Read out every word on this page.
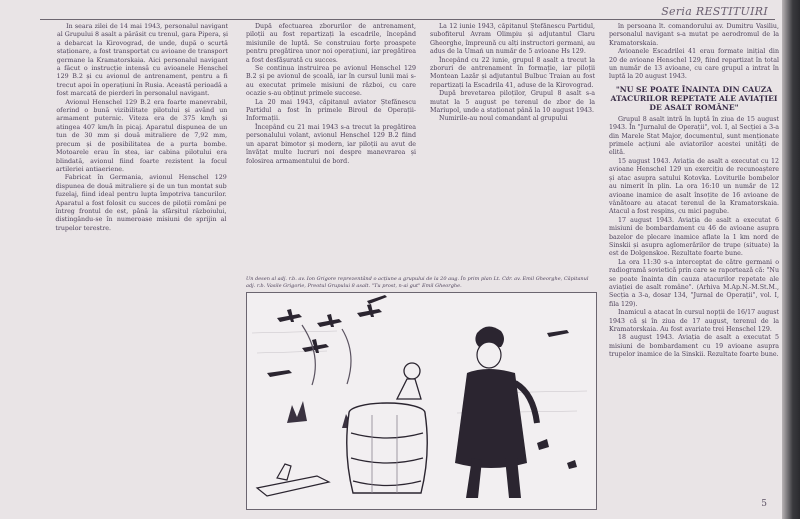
Seria RESTITUIRI

În seara zilei de 14 mai 1943, personalul navigant al Grupului 8 asalt a părăsit cu trenul, gara Pipera, și a debarcat la Kirovograd, de unde, după o scurtă staționare, a fost transportat cu avioane de transport germane la Kramatorskaia. Aici personalul navigant a făcut o instrucție intensă cu avioanele Henschel 129 B.2 și cu avionul de antrenament, pentru a fi trecut apoi în operațiuni în Rusia. Această perioadă a fost marcată de pierderi în personalul navigant.

Avionul Henschel 129 B.2 era foarte manevrabil, oferind o bună vizibilitate pilotului și având un armament puternic. Viteza era de 375 km/h și atingea 407 km/h în picaj. Aparatul dispunea de un tun de 30 mm și două mitraliere de 7,92 mm, precum și de posibilitatea de a purta bombe. Motoarele erau în stea, iar cabina pilotului era blindată, avionul fiind foarte rezistent la focul artileriei antiaeriene.

Fabricat în Germania, avionul Henschel 129 dispunea de două mitraliere și de un tun montat sub fuzelaj, fiind ideal pentru lupta împotriva tancurilor. Aparatul a fost folosit cu succes de piloții români pe întreg frontul de est, până la sfârșitul războiului, distingându-se în numeroase misiuni de sprijin al trupelor terestre.

După efectuarea zborurilor de antrenament, piloții au fost repartizați la escadrile, începând misiunile de luptă. Se construiau forțe proaspete pentru pregătirea unor noi operațiuni, iar pregătirea a fost desfășurată cu succes.

Se continua instruirea pe avionul Henschel 129 B.2 și pe avionul de școală, iar în cursul lunii mai s-au executat primele misiuni de război, cu care ocazie s-au obținut primele succese.

La 20 mai 1943, căpitanul aviator Ștefănescu Partidul a fost în primele Biroul de Operații-Informații.

Începând cu 21 mai 1943 s-a trecut la pregătirea personalului volant, avionul Henschel 129 B.2 fiind un aparat bimotor și modern, iar piloții au avut de învățat multe lucruri noi despre manevrarea și folosirea armamentului de bord.

La 12 iunie 1943, căpitanul Ștefănescu Partidul, subofiterul Avram Olimpiu și adjutantul Claru Gheorghe, împreună cu alți instructori germani, au adus de la Umań un număr de 5 avioane Hs 129.

Începând cu 22 iunie, grupul 8 asalt a trecut la zboruri de antrenament în formație, iar piloții Montean Lazăr și adjutantul Bulbuc Traian au fost repartizați la Escadrila 41, aduse de la Kirovograd.

După brevetarea piloților, Grupul 8 asalt s-a mutat la 5 august pe terenul de zbor de la Mariupol, unde a staționat până la 10 august 1943.

Numirile-au noul comandant al grupului

în persoana lt. comandorului av. Dumitru Vasiliu, personalul navigant s-a mutat pe aerodromul de la Kramatorskaia.

Avioanele Escadrilei 41 erau formate inițial din 20 de avioane Henschel 129, fiind repartizat în total un număr de 13 avioane, cu care grupul a intrat în luptă la 20 august 1943.

"NU SE POATE ÎNAINTA DIN CAUZA ATACURILOR REPETATE ALE AVIAȚIEI DE ASALT ROMÂNE"

Grupul 8 asalt intră în luptă în ziua de 15 august 1943. În "Jurnalul de Operații", vol. I, al Secției a 3-a din Marele Stat Major, documentul, sunt menționate primele acțiuni ale aviatorilor acestei unități de elită.

15 august 1943. Aviația de asalt a executat cu 12 avioane Henschel 129 un exercițiu de recunoaștere și atac asupra satului Kotovka. Loviturile bombelor au nimerit în plin. La ora 16:10 un număr de 12 avioane inamice de asalt însoțite de 16 avioane de vânătoare au atacat terenul de la Kramatorskaia. Atacul a fost respins, cu mici pagube.

17 august 1943. Aviația de asalt a executat 6 misiuni de bombardament cu 46 de avioane asupra bazelor de plecare inamice aflate la 1 km nord de Sinskii și asupra aglomerărilor de trupe (situate) la est de Dolgenskoe. Rezultate foarte bune.

La ora 11:30 s-a interceptat de către germani o radiogramă sovietică prin care se raportează că: "Nu se poate înainta din cauza atacurilor repetate ale aviației de asalt române". (Arhiva M.Ap.N.-M.St.M., Secția a 3-a, dosar 134, "Jurnal de Operații", vol. I, fila 129).

Inamicul a atacat în cursul nopții de 16/17 august 1943 că și în ziua de 17 august, terenul de la Kramatorskaia. Au fost avariate trei Henschel 129.

18 august 1943. Aviația de asalt a executat 5 misiuni de bombardament cu 19 avioane asupra trupelor inamice de la Sinskii. Rezultate foarte bune.

Un desen al adj. r.b. av. Ion Grigore reprezentând o acțiune a grupului de la 20 aug. În prim plan Lt. Cdr. av. Emil Gheorghe, Căpitanul adj. r.b. Vasile Grigorie, Preotul Grupului 8 asalt. "Tu prost, n-ai gut" Emil Gheorghe.
5
